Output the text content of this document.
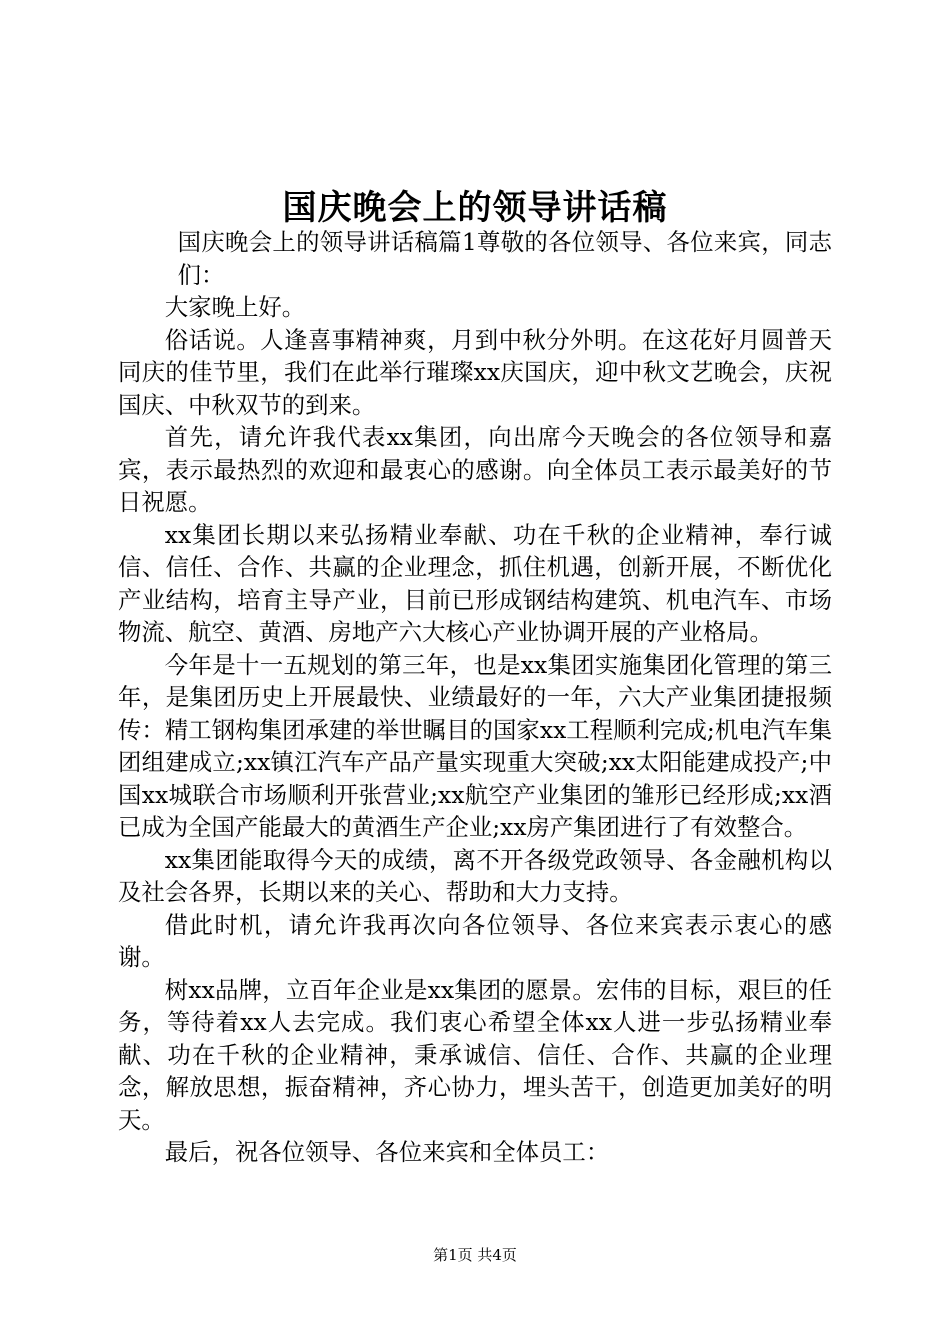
国庆晚会上的领导讲话稿

国庆晚会上的领导讲话稿篇1尊敬的各位领导、各位来宾，同志们：

大家晚上好。

俗话说。人逢喜事精神爽，月到中秋分外明。在这花好月圆普天同庆的佳节里，我们在此举行璀璨xx庆国庆，迎中秋文艺晚会，庆祝国庆、中秋双节的到来。

首先，请允许我代表xx集团，向出席今天晚会的各位领导和嘉宾，表示最热烈的欢迎和最衷心的感谢。向全体员工表示最美好的节日祝愿。

xx集团长期以来弘扬精业奉献、功在千秋的企业精神，奉行诚信、信任、合作、共赢的企业理念，抓住机遇，创新开展，不断优化产业结构，培育主导产业，目前已形成钢结构建筑、机电汽车、市场物流、航空、黄酒、房地产六大核心产业协调开展的产业格局。

今年是十一五规划的第三年，也是xx集团实施集团化管理的第三年，是集团历史上开展最快、业绩最好的一年，六大产业集团捷报频传：精工钢构集团承建的举世瞩目的国家xx工程顺利完成;机电汽车集团组建成立;xx镇江汽车产品产量实现重大突破;xx太阳能建成投产;中国xx城联合市场顺利开张营业;xx航空产业集团的雏形已经形成;xx酒已成为全国产能最大的黄酒生产企业;xx房产集团进行了有效整合。

xx集团能取得今天的成绩，离不开各级党政领导、各金融机构以及社会各界，长期以来的关心、帮助和大力支持。

借此时机，请允许我再次向各位领导、各位来宾表示衷心的感谢。

树xx品牌，立百年企业是xx集团的愿景。宏伟的目标，艰巨的任务，等待着xx人去完成。我们衷心希望全体xx人进一步弘扬精业奉献、功在千秋的企业精神，秉承诚信、信任、合作、共赢的企业理念，解放思想，振奋精神，齐心协力，埋头苦干，创造更加美好的明天。

最后，祝各位领导、各位来宾和全体员工：

第1页 共4页
